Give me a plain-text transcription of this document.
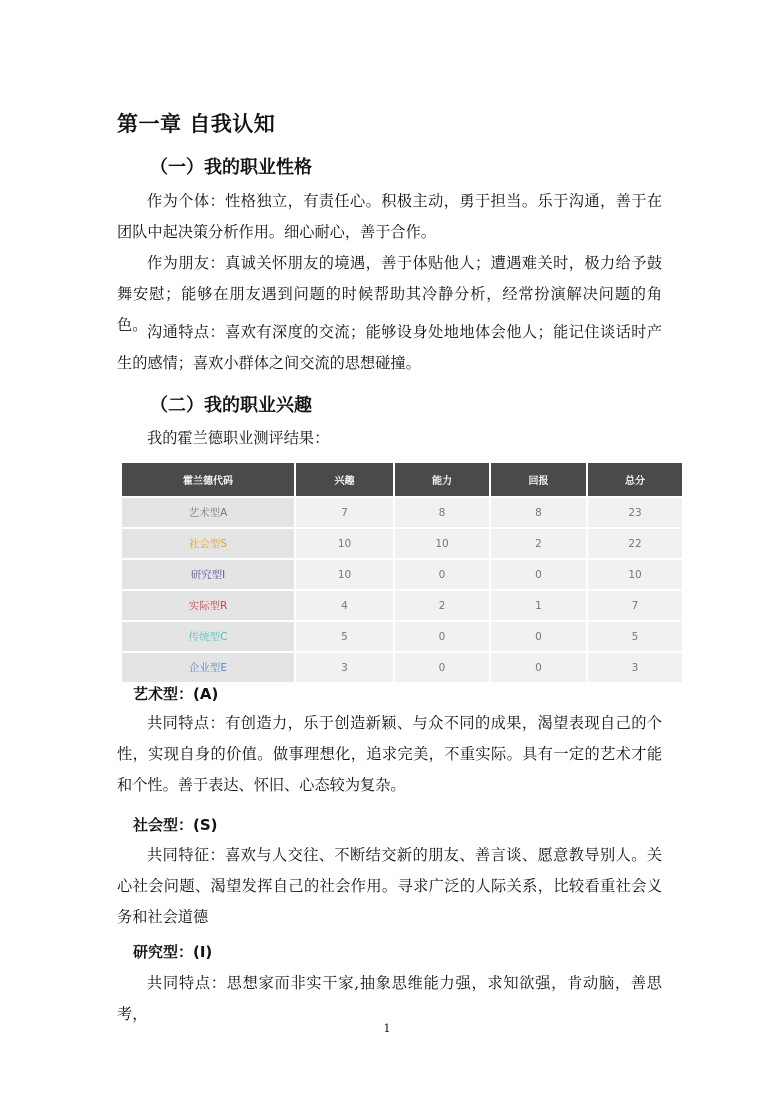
第一章 自我认知
（一）我的职业性格

作为个体：性格独立，有责任心。积极主动，勇于担当。乐于沟通，善于在团队中起决策分析作用。细心耐心，善于合作。

作为朋友：真诚关怀朋友的境遇，善于体贴他人；遭遇难关时，极力给予鼓舞安慰；能够在朋友遇到问题的时候帮助其冷静分析，经常扮演解决问题的角色。 沟通特点：喜欢有深度的交流；能够设身处地地体会他人；能记住谈话时产生的感情；喜欢小群体之间交流的思想碰撞。

（二）我的职业兴趣

我的霍兰德职业测评结果：

霍兰德代码	兴趣	能力	回报	总分
艺术型A	7	8	8	23
社会型S	10	10	2	22
研究型I	10	0	0	10
实际型R	4	2	1	7
传统型C	5	0	0	5
企业型E	3	0	0	3
艺术型：(A)

共同特点：有创造力，乐于创造新颖、与众不同的成果，渴望表现自己的个性，实现自身的价值。做事理想化，追求完美，不重实际。具有一定的艺术才能和个性。善于表达、怀旧、心态较为复杂。

社会型：(S)

共同特征：喜欢与人交往、不断结交新的朋友、善言谈、愿意教导别人。关心社会问题、渴望发挥自己的社会作用。寻求广泛的人际关系，比较看重社会义务和社会道德

研究型：(I)

共同特点：思想家而非实干家,抽象思维能力强，求知欲强，肯动脑，善思考，

1
